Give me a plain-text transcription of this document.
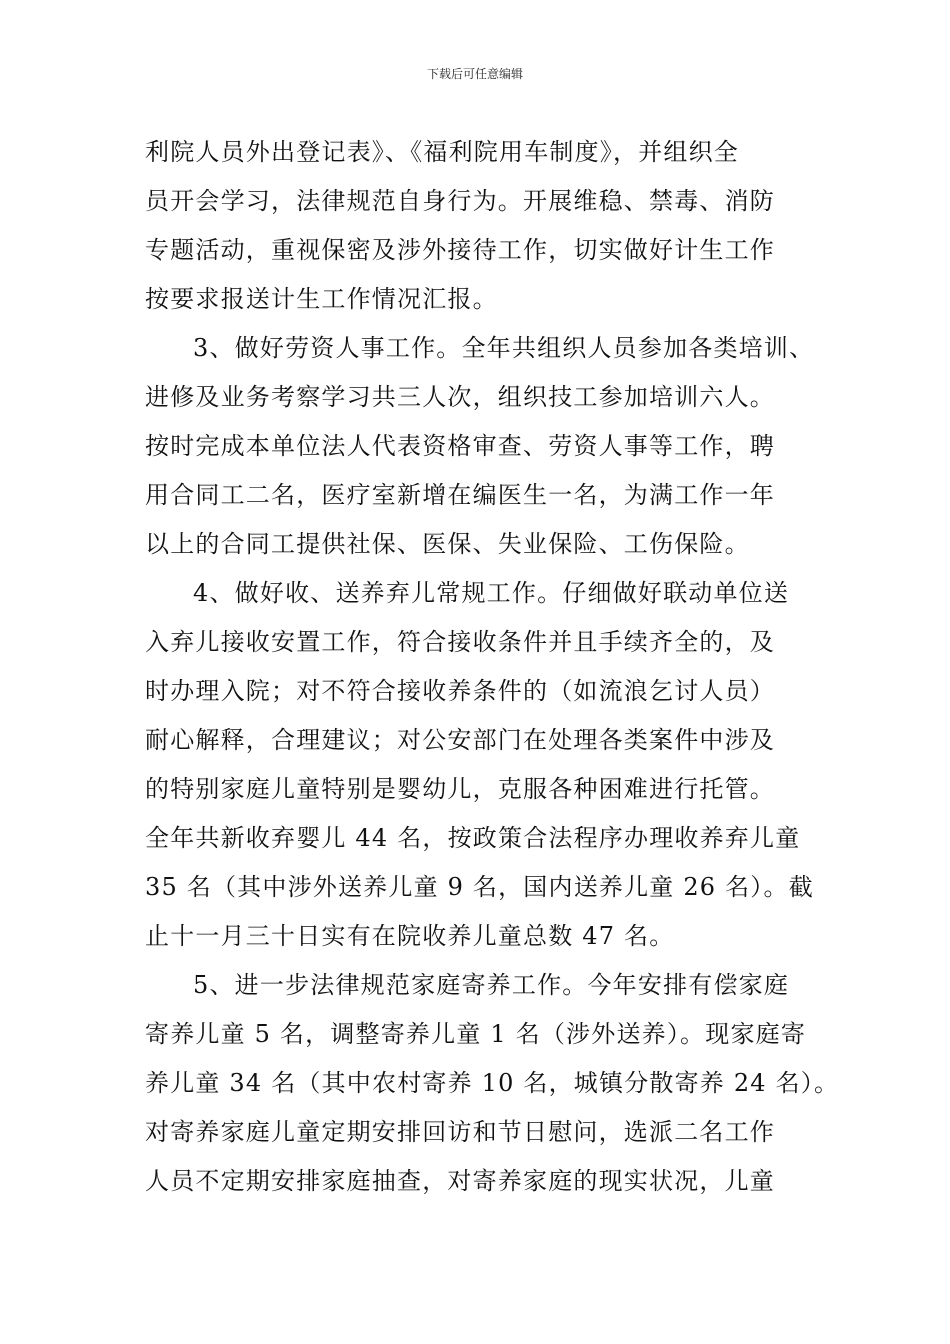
下载后可任意编辑
利院人员外出登记表》、《福利院用车制度》，并组织全
员开会学习，法律规范自身行为。开展维稳、禁毒、消防
专题活动，重视保密及涉外接待工作，切实做好计生工作
按要求报送计生工作情况汇报。
3、做好劳资人事工作。全年共组织人员参加各类培训、
进修及业务考察学习共三人次，组织技工参加培训六人。
按时完成本单位法人代表资格审查、劳资人事等工作，聘
用合同工二名，医疗室新增在编医生一名，为满工作一年
以上的合同工提供社保、医保、失业保险、工伤保险。
4、做好收、送养弃儿常规工作。仔细做好联动单位送
入弃儿接收安置工作，符合接收条件并且手续齐全的，及
时办理入院；对不符合接收养条件的（如流浪乞讨人员）
耐心解释，合理建议；对公安部门在处理各类案件中涉及
的特别家庭儿童特别是婴幼儿，克服各种困难进行托管。
全年共新收弃婴儿 44 名，按政策合法程序办理收养弃儿童
35 名（其中涉外送养儿童 9 名，国内送养儿童 26 名）。截
止十一月三十日实有在院收养儿童总数 47 名。
5、进一步法律规范家庭寄养工作。今年安排有偿家庭
寄养儿童 5 名，调整寄养儿童 1 名（涉外送养）。现家庭寄
养儿童 34 名（其中农村寄养 10 名，城镇分散寄养 24 名）。
对寄养家庭儿童定期安排回访和节日慰问，选派二名工作
人员不定期安排家庭抽查，对寄养家庭的现实状况，儿童
